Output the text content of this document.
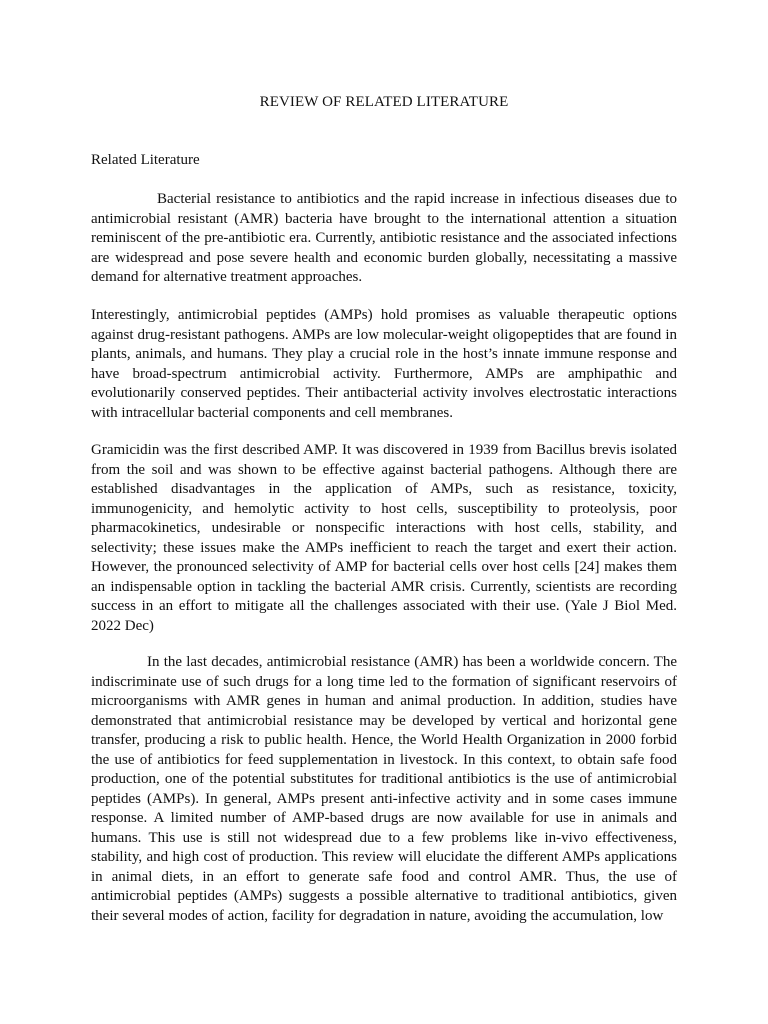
REVIEW OF RELATED LITERATURE
Related Literature

Bacterial resistance to antibiotics and the rapid increase in infectious diseases due to antimicrobial resistant (AMR) bacteria have brought to the international attention a situation reminiscent of the pre-antibiotic era. Currently, antibiotic resistance and the associated infections are widespread and pose severe health and economic burden globally, necessitating a massive demand for alternative treatment approaches.

Interestingly, antimicrobial peptides (AMPs) hold promises as valuable therapeutic options against drug-resistant pathogens. AMPs are low molecular-weight oligopeptides that are found in plants, animals, and humans. They play a crucial role in the host’s innate immune response and have broad-spectrum antimicrobial activity. Furthermore, AMPs are amphipathic and evolutionarily conserved peptides. Their antibacterial activity involves electrostatic interactions with intracellular bacterial components and cell membranes.

Gramicidin was the first described AMP. It was discovered in 1939 from Bacillus brevis isolated from the soil and was shown to be effective against bacterial pathogens. Although there are established disadvantages in the application of AMPs, such as resistance, toxicity, immunogenicity, and hemolytic activity to host cells, susceptibility to proteolysis, poor pharmacokinetics, undesirable or nonspecific interactions with host cells, stability, and selectivity; these issues make the AMPs inefficient to reach the target and exert their action. However, the pronounced selectivity of AMP for bacterial cells over host cells [24] makes them an indispensable option in tackling the bacterial AMR crisis. Currently, scientists are recording success in an effort to mitigate all the challenges associated with their use. (Yale J Biol Med. 2022 Dec)

In the last decades, antimicrobial resistance (AMR) has been a worldwide concern. The indiscriminate use of such drugs for a long time led to the formation of significant reservoirs of microorganisms with AMR genes in human and animal production. In addition, studies have demonstrated that antimicrobial resistance may be developed by vertical and horizontal gene transfer, producing a risk to public health. Hence, the World Health Organization in 2000 forbid the use of antibiotics for feed supplementation in livestock. In this context, to obtain safe food production, one of the potential substitutes for traditional antibiotics is the use of antimicrobial peptides (AMPs). In general, AMPs present anti-infective activity and in some cases immune response. A limited number of AMP-based drugs are now available for use in animals and humans. This use is still not widespread due to a few problems like in-vivo effectiveness, stability, and high cost of production. This review will elucidate the different AMPs applications in animal diets, in an effort to generate safe food and control AMR. Thus, the use of antimicrobial peptides (AMPs) suggests a possible alternative to traditional antibiotics, given their several modes of action, facility for degradation in nature, avoiding the accumulation, low
